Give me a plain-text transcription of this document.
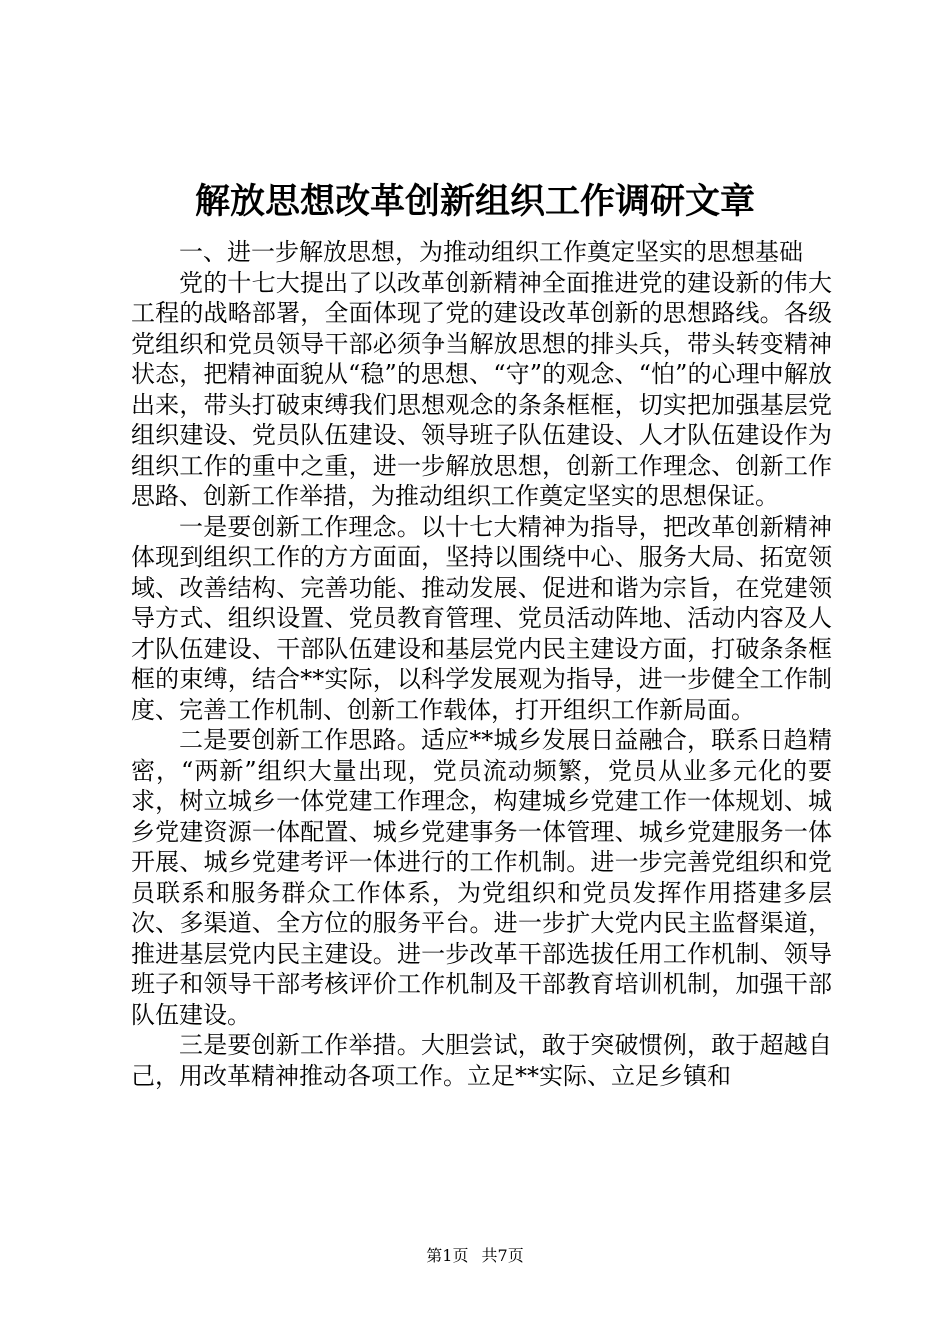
解放思想改革创新组织工作调研文章

一、进一步解放思想，为推动组织工作奠定坚实的思想基础

党的十七大提出了以改革创新精神全面推进党的建设新的伟大工程的战略部署，全面体现了党的建设改革创新的思想路线。各级党组织和党员领导干部必须争当解放思想的排头兵，带头转变精神状态，把精神面貌从“稳”的思想、“守”的观念、“怕”的心理中解放出来，带头打破束缚我们思想观念的条条框框，切实把加强基层党组织建设、党员队伍建设、领导班子队伍建设、人才队伍建设作为组织工作的重中之重，进一步解放思想，创新工作理念、创新工作思路、创新工作举措，为推动组织工作奠定坚实的思想保证。

一是要创新工作理念。以十七大精神为指导，把改革创新精神体现到组织工作的方方面面，坚持以围绕中心、服务大局、拓宽领域、改善结构、完善功能、推动发展、促进和谐为宗旨，在党建领导方式、组织设置、党员教育管理、党员活动阵地、活动内容及人才队伍建设、干部队伍建设和基层党内民主建设方面，打破条条框框的束缚，结合**实际，以科学发展观为指导，进一步健全工作制度、完善工作机制、创新工作载体，打开组织工作新局面。

二是要创新工作思路。适应**城乡发展日益融合，联系日趋精密，“两新”组织大量出现，党员流动频繁，党员从业多元化的要求，树立城乡一体党建工作理念，构建城乡党建工作一体规划、城乡党建资源一体配置、城乡党建事务一体管理、城乡党建服务一体开展、城乡党建考评一体进行的工作机制。进一步完善党组织和党员联系和服务群众工作体系，为党组织和党员发挥作用搭建多层次、多渠道、全方位的服务平台。进一步扩大党内民主监督渠道，推进基层党内民主建设。进一步改革干部选拔任用工作机制、领导班子和领导干部考核评价工作机制及干部教育培训机制，加强干部队伍建设。

三是要创新工作举措。大胆尝试，敢于突破惯例，敢于超越自己，用改革精神推动各项工作。立足**实际、立足乡镇和

第1页 共7页
